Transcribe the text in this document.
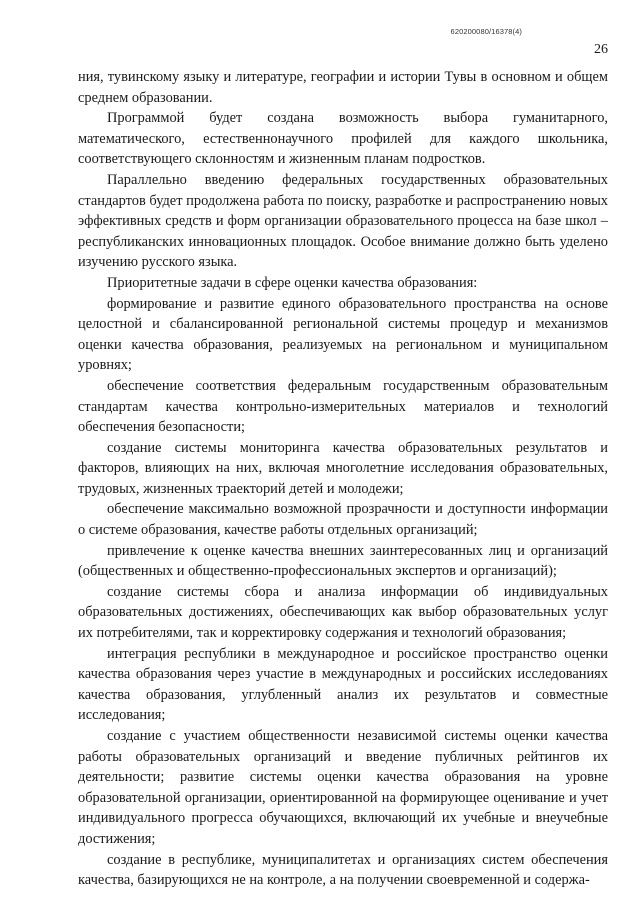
620200080/16378(4)
26

ния, тувинскому языку и литературе, географии и истории Тувы в основном и общем среднем образовании.

Программой будет создана возможность выбора гуманитарного, математического, естественнонаучного профилей для каждого школьника, соответствующего склонностям и жизненным планам подростков.

Параллельно введению федеральных государственных образовательных стандартов будет продолжена работа по поиску, разработке и распространению новых эффективных средств и форм организации образовательного процесса на базе школ – республиканских инновационных площадок. Особое внимание должно быть уделено изучению русского языка.

Приоритетные задачи в сфере оценки качества образования:

формирование и развитие единого образовательного пространства на основе целостной и сбалансированной региональной системы процедур и механизмов оценки качества образования, реализуемых на региональном и муниципальном уровнях;

обеспечение соответствия федеральным государственным образовательным стандартам качества контрольно-измерительных материалов и технологий обеспечения безопасности;

создание системы мониторинга качества образовательных результатов и факторов, влияющих на них, включая многолетние исследования образовательных, трудовых, жизненных траекторий детей и молодежи;

обеспечение максимально возможной прозрачности и доступности информации о системе образования, качестве работы отдельных организаций;

привлечение к оценке качества внешних заинтересованных лиц и организаций (общественных и общественно-профессиональных экспертов и организаций);

создание системы сбора и анализа информации об индивидуальных образовательных достижениях, обеспечивающих как выбор образовательных услуг их потребителями, так и корректировку содержания и технологий образования;

интеграция республики в международное и российское пространство оценки качества образования через участие в международных и российских исследованиях качества образования, углубленный анализ их результатов и совместные исследования;

создание с участием общественности независимой системы оценки качества работы образовательных организаций и введение публичных рейтингов их деятельности; развитие системы оценки качества образования на уровне образовательной организации, ориентированной на формирующее оценивание и учет индивидуального прогресса обучающихся, включающий их учебные и внеучебные достижения;

создание в республике, муниципалитетах и организациях систем обеспечения качества, базирующихся не на контроле, а на получении своевременной и содержа-
